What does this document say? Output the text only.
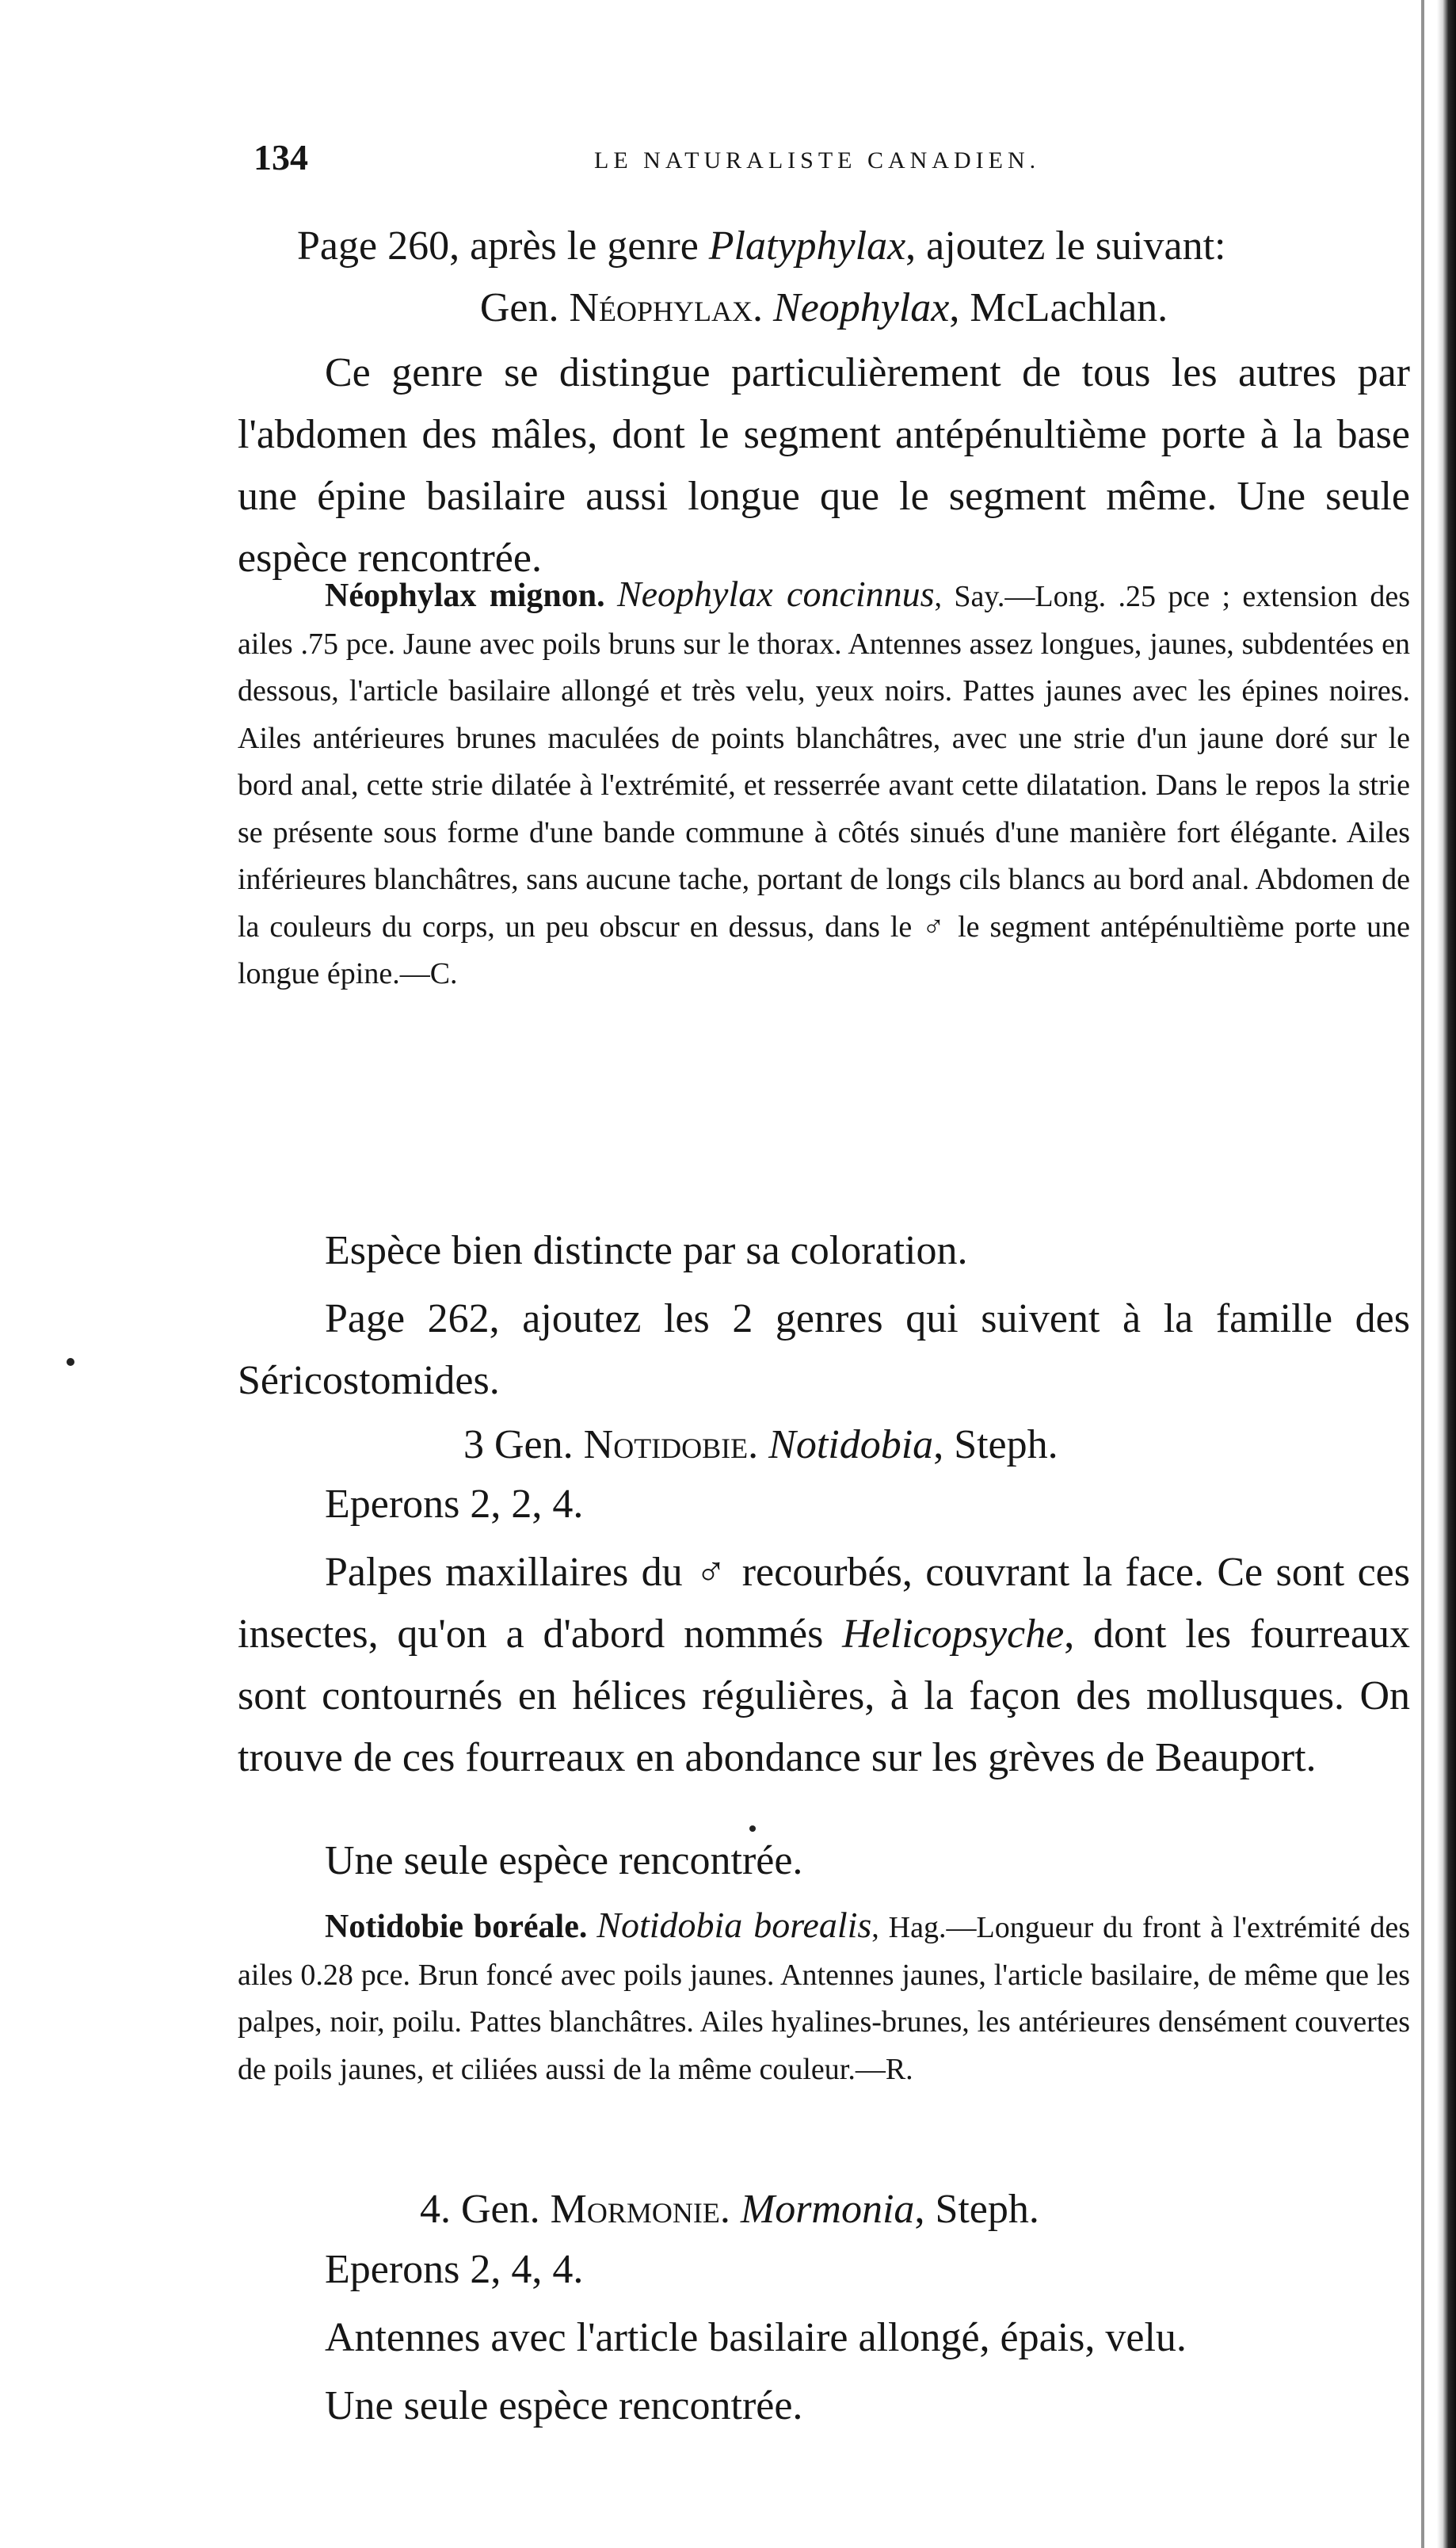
134	LE NATURALISTE CANADIEN.
Page 260, après le genre Platyphylax, ajoutez le suivant:
Gen. Néophylax. Neophylax, McLachlan.
Ce genre se distingue particulièrement de tous les autres par l'abdomen des mâles, dont le segment antépénultième porte à la base une épine basilaire aussi longue que le segment même. Une seule espèce rencontrée.
Néophylax mignon. Neophylax concinnus, Say.—Long. .25 pce ; extension des ailes .75 pce. Jaune avec poils bruns sur le thorax. Antennes assez longues, jaunes, subdentées en dessous, l'article basilaire allongé et très velu, yeux noirs. Pattes jaunes avec les épines noires. Ailes antérieures brunes maculées de points blanchâtres, avec une strie d'un jaune doré sur le bord anal, cette strie dilatée à l'extrémité, et resserrée avant cette dilatation. Dans le repos la strie se présente sous forme d'une bande commune à côtés sinués d'une manière fort élégante. Ailes inférieures blanchâtres, sans aucune tache, portant de longs cils blancs au bord anal. Abdomen de la couleurs du corps, un peu obscur en dessus, dans le ♂ le segment antépénultième porte une longue épine.—C.
Espèce bien distincte par sa coloration.
Page 262, ajoutez les 2 genres qui suivent à la famille des Séricostomides.
3 Gen. Notidobie. Notidobia, Steph.
Eperons 2, 2, 4.
Palpes maxillaires du ♂ recourbés, couvrant la face. Ce sont ces insectes, qu'on a d'abord nommés Helicopsyche, dont les fourreaux sont contournés en hélices régulières, à la façon des mollusques. On trouve de ces fourreaux en abondance sur les grèves de Beauport.
Une seule espèce rencontrée.
Notidobie boréale. Notidobia borealis, Hag.—Longueur du front à l'extrémité des ailes 0.28 pce. Brun foncé avec poils jaunes. Antennes jaunes, l'article basilaire, de même que les palpes, noir, poilu. Pattes blanchâtres. Ailes hyalines-brunes, les antérieures densément couvertes de poils jaunes, et ciliées aussi de la même couleur.—R.
4. Gen. Mormonie. Mormonia, Steph.
Eperons 2, 4, 4.
Antennes avec l'article basilaire allongé, épais, velu.
Une seule espèce rencontrée.
